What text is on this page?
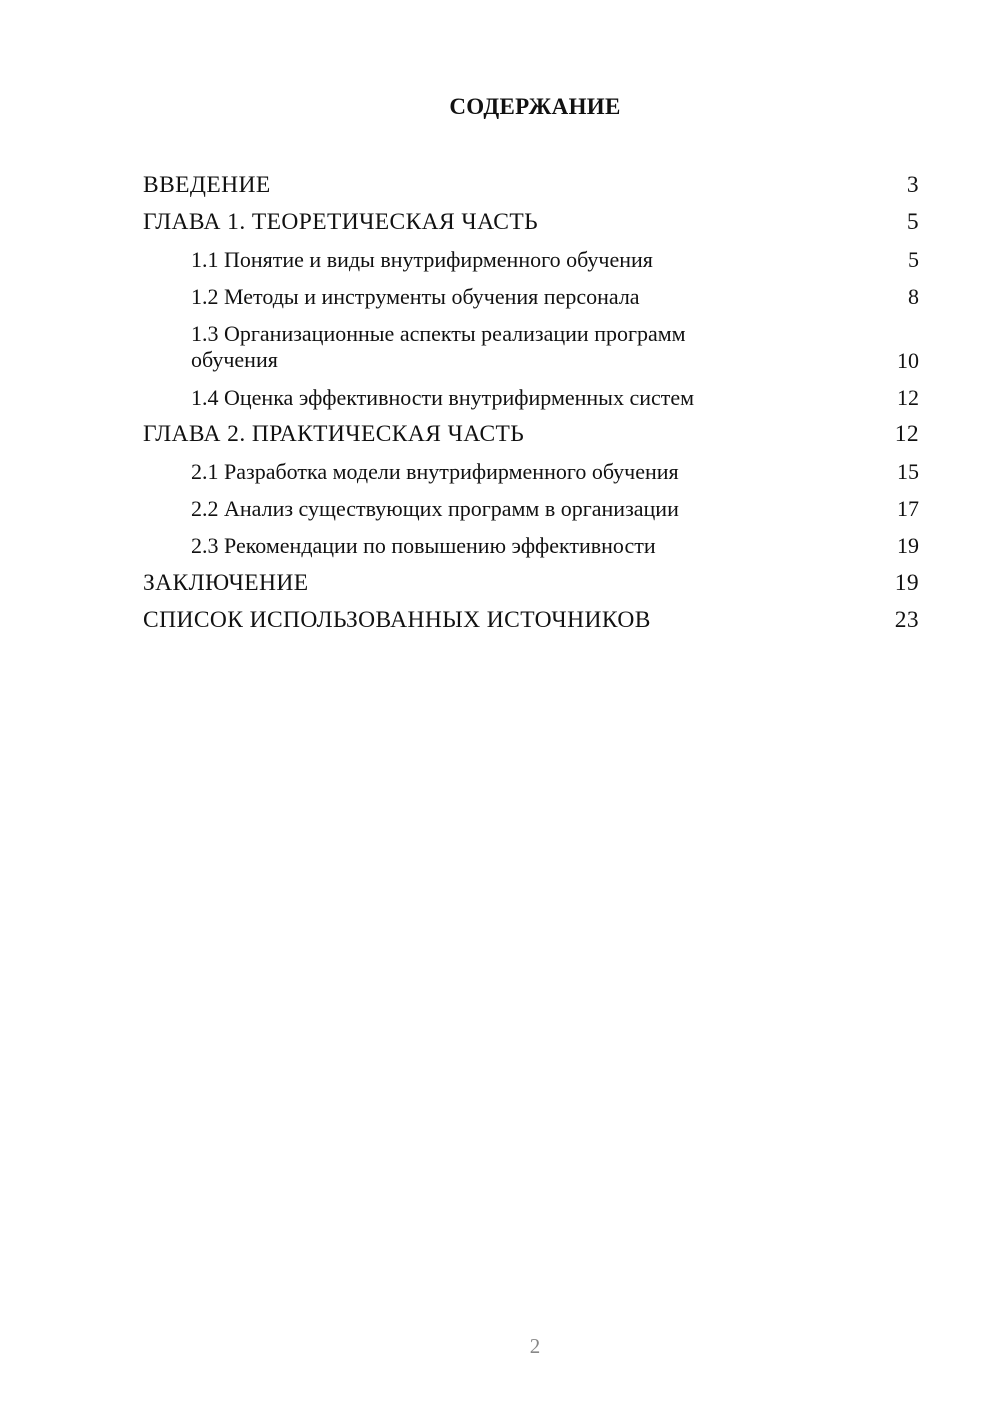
СОДЕРЖАНИЕ
ВВЕДЕНИЕ	3
ГЛАВА 1. ТЕОРЕТИЧЕСКАЯ ЧАСТЬ	5
1.1 Понятие и виды внутрифирменного обучения	5
1.2 Методы и инструменты обучения персонала	8
1.3 Организационные аспекты реализации программ обучения	10
1.4 Оценка эффективности внутрифирменных систем	12
ГЛАВА 2. ПРАКТИЧЕСКАЯ ЧАСТЬ	12
2.1 Разработка модели внутрифирменного обучения	15
2.2 Анализ существующих программ в организации	17
2.3 Рекомендации по повышению эффективности	19
ЗАКЛЮЧЕНИЕ	19
СПИСОК ИСПОЛЬЗОВАННЫХ ИСТОЧНИКОВ	23
2
